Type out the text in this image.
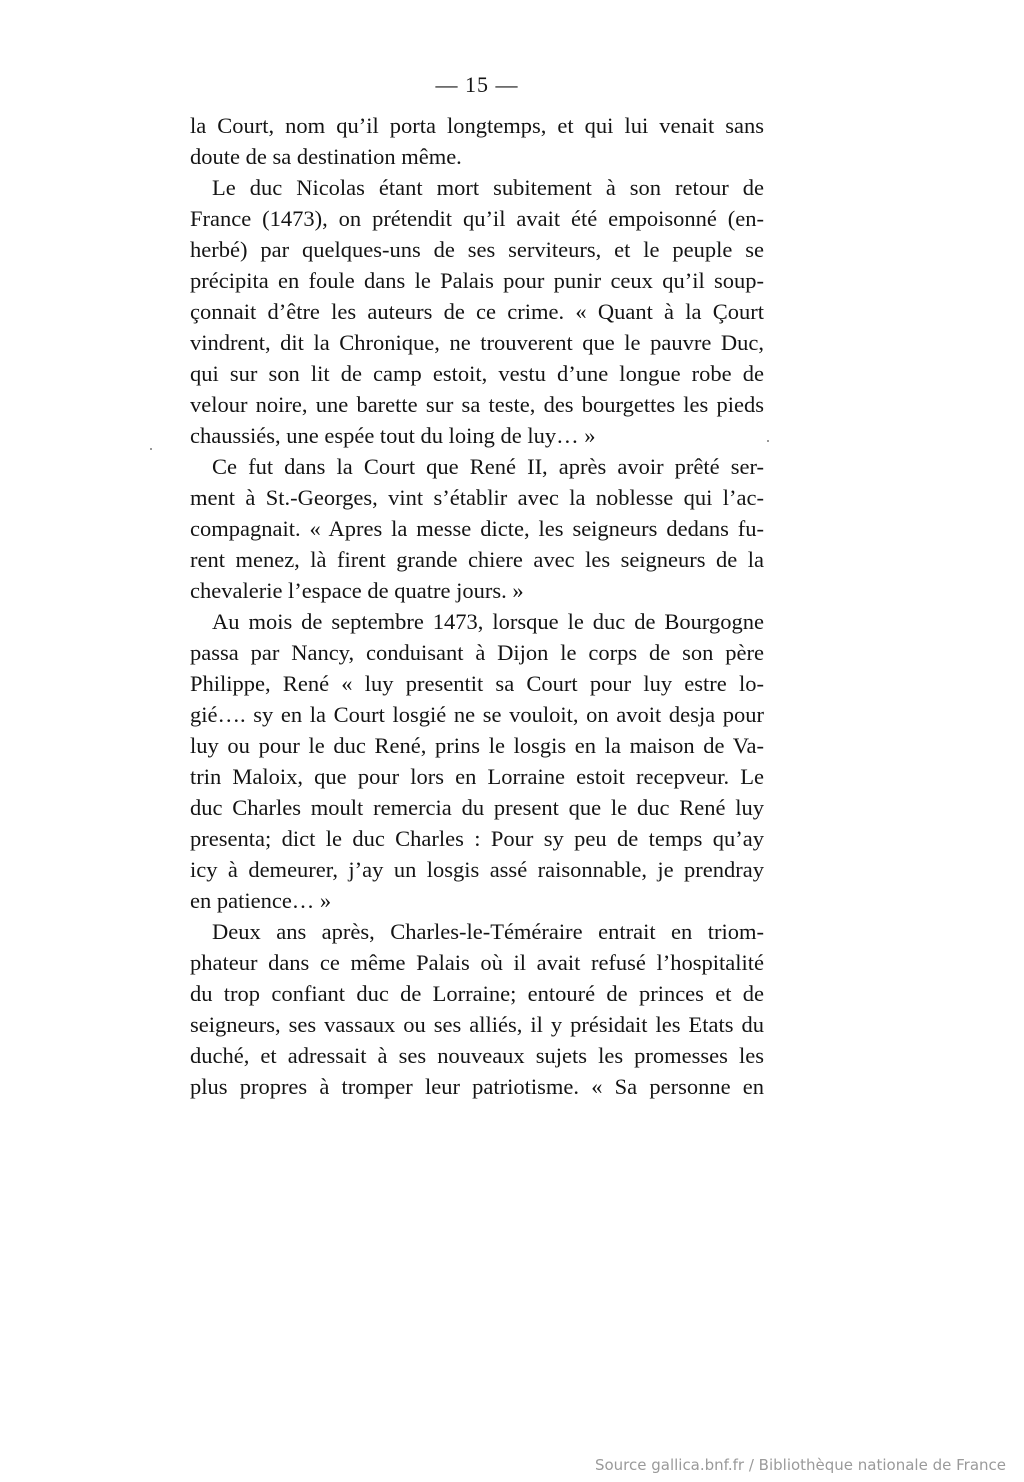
— 15 —
la Court, nom qu’il porta longtemps, et qui lui venait sans
doute de sa destination même.
Le duc Nicolas étant mort subitement à son retour de
France (1473), on prétendit qu’il avait été empoisonné (en-
herbé) par quelques-uns de ses serviteurs, et le peuple se
précipita en foule dans le Palais pour punir ceux qu’il soup-
çonnait d’être les auteurs de ce crime. « Quant à la Çourt
vindrent, dit la Chronique, ne trouverent que le pauvre Duc,
qui sur son lit de camp estoit, vestu d’une longue robe de
velour noire, une barette sur sa teste, des bourgettes les pieds
chaussiés, une espée tout du loing de luy… »
Ce fut dans la Court que René II, après avoir prêté ser-
ment à St.-Georges, vint s’établir avec la noblesse qui l’ac-
compagnait. « Apres la messe dicte, les seigneurs dedans fu-
rent menez, là firent grande chiere avec les seigneurs de la
chevalerie l’espace de quatre jours. »
Au mois de septembre 1473, lorsque le duc de Bourgogne
passa par Nancy, conduisant à Dijon le corps de son père
Philippe, René « luy presentit sa Court pour luy estre lo-
gié…. sy en la Court losgié ne se vouloit, on avoit desja pour
luy ou pour le duc René, prins le losgis en la maison de Va-
trin Maloix, que pour lors en Lorraine estoit recepveur. Le
duc Charles moult remercia du present que le duc René luy
presenta; dict le duc Charles : Pour sy peu de temps qu’ay
icy à demeurer, j’ay un losgis assé raisonnable, je prendray
en patience… »
Deux ans après, Charles-le-Téméraire entrait en triom-
phateur dans ce même Palais où il avait refusé l’hospitalité
du trop confiant duc de Lorraine; entouré de princes et de
seigneurs, ses vassaux ou ses alliés, il y présidait les Etats du
duché, et adressait à ses nouveaux sujets les promesses les
plus propres à tromper leur patriotisme. « Sa personne en
Source gallica.bnf.fr / Bibliothèque nationale de France
